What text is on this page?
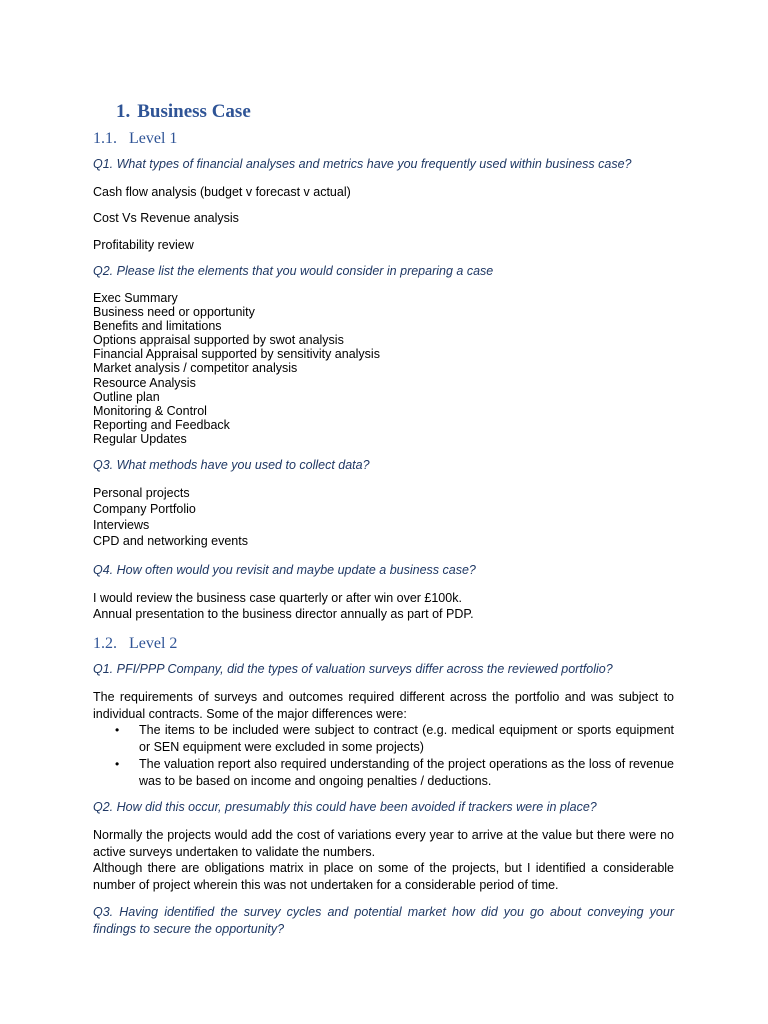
1. Business Case
1.1. Level 1
Q1. What types of financial analyses and metrics have you frequently used within business case?
Cash flow analysis (budget v forecast v actual)
Cost Vs Revenue analysis
Profitability review
Q2. Please list the elements that you would consider in preparing a case
Exec Summary
Business need or opportunity
Benefits and limitations
Options appraisal supported by swot analysis
Financial Appraisal supported by sensitivity analysis
Market analysis / competitor analysis
Resource Analysis
Outline plan
Monitoring & Control
Reporting and Feedback
Regular Updates
Q3. What methods have you used to collect data?
Personal projects
Company Portfolio
Interviews
CPD and networking events
Q4. How often would you revisit and maybe update a business case?
I would review the business case quarterly or after win over £100k.
Annual presentation to the business director annually as part of PDP.
1.2. Level 2
Q1. PFI/PPP Company, did the types of valuation surveys differ across the reviewed portfolio?
The requirements of surveys and outcomes required different across the portfolio and was subject to individual contracts. Some of the major differences were:
• The items to be included were subject to contract (e.g. medical equipment or sports equipment or SEN equipment were excluded in some projects)
• The valuation report also required understanding of the project operations as the loss of revenue was to be based on income and ongoing penalties / deductions.
Q2. How did this occur, presumably this could have been avoided if trackers were in place?
Normally the projects would add the cost of variations every year to arrive at the value but there were no active surveys undertaken to validate the numbers.
Although there are obligations matrix in place on some of the projects, but I identified a considerable number of project wherein this was not undertaken for a considerable period of time.
Q3. Having identified the survey cycles and potential market how did you go about conveying your findings to secure the opportunity?
